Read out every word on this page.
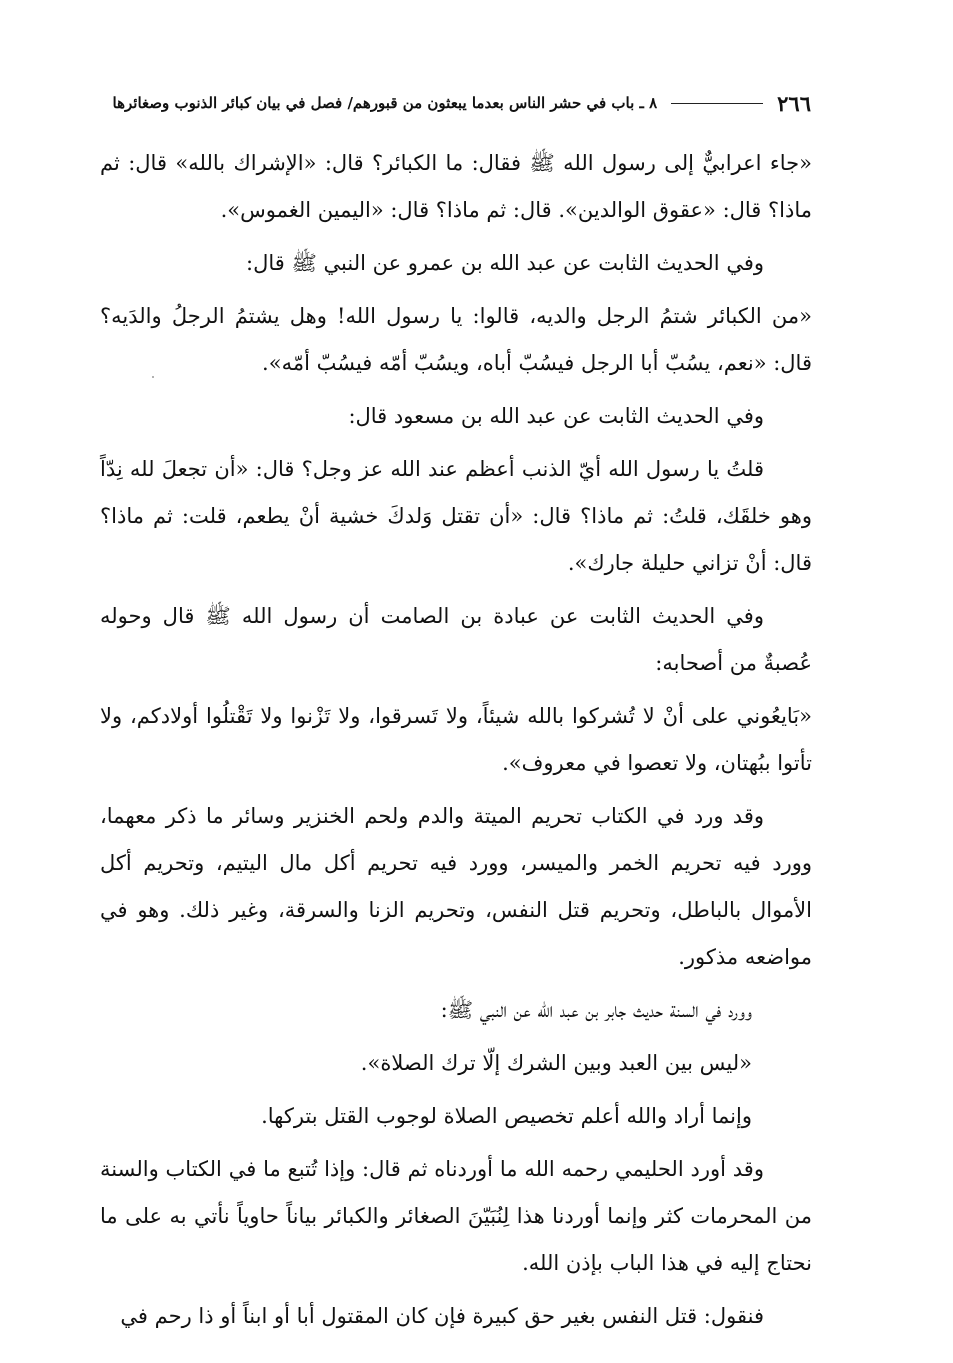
٢٦٦
٨ ـ باب في حشر الناس بعدما يبعثون من قبورهم/ فصل في بيان كبائر الذنوب وصغائرها

«جاء اعرابيٌّ إلى رسول الله ﷺ فقال: ما الكبائر؟ قال: «الإشراك بالله» قال: ثم ماذا؟ قال: «عقوق الوالدين». قال: ثم ماذا؟ قال: «اليمين الغموس».

وفي الحديث الثابت عن عبد الله بن عمرو عن النبي ﷺ قال:

«من الكبائر شتمُ الرجل والديه، قالوا: يا رسول الله! وهل يشتمُ الرجلُ والدَيه؟ قال: «نعم، يسُبّ أبا الرجل فيسُبّ أباه، ويسُبّ أمّه فيسُبّ أمّه».

وفي الحديث الثابت عن عبد الله بن مسعود قال:

قلتُ يا رسول الله أيّ الذنب أعظم عند الله عز وجل؟ قال: «أن تجعلَ لله نِدّاً وهو خلقَك، قلتُ: ثم ماذا؟ قال: «أن تقتل وَلدكَ خشية أنْ يطعم، قلت: ثم ماذا؟ قال: أنْ تزاني حليلة جارك».

وفي الحديث الثابت عن عبادة بن الصامت أن رسول الله ﷺ قال وحوله عُصبةٌ من أصحابه:

«بَايعُوني على أنْ لا تُشركوا بالله شيئاً، ولا تَسرقوا، ولا تَزْنوا ولا تَقْتلُوا أولادكم، ولا تأتوا ببُهتان، ولا تعصوا في معروف».

وقد ورد في الكتاب تحريم الميتة والدم ولحم الخنزير وسائر ما ذكر معهما، وورد فيه تحريم الخمر والميسر، وورد فيه تحريم أكل مال اليتيم، وتحريم أكل الأموال بالباطل، وتحريم قتل النفس، وتحريم الزنا والسرقة، وغير ذلك. وهو في مواضعه مذكور.

وورد في السنة حديث جابر بن عبد الله عن النبي ﷺ:

«ليس بين العبد وبين الشرك إلّا ترك الصلاة».

وإنما أراد والله أعلم تخصيص الصلاة لوجوب القتل بتركها.

وقد أورد الحليمي رحمه الله ما أوردناه ثم قال: وإذا تُتبع ما في الكتاب والسنة من المحرمات كثر وإنما أوردنا هذا لِنُبَيّنَ الصغائر والكبائر بياناً حاوياً نأتي به على ما نحتاج إليه في هذا الباب بإذن الله.

فنقول: قتل النفس بغير حق كبيرة فإن كان المقتول أبا أو ابناً أو ذا رحم في
